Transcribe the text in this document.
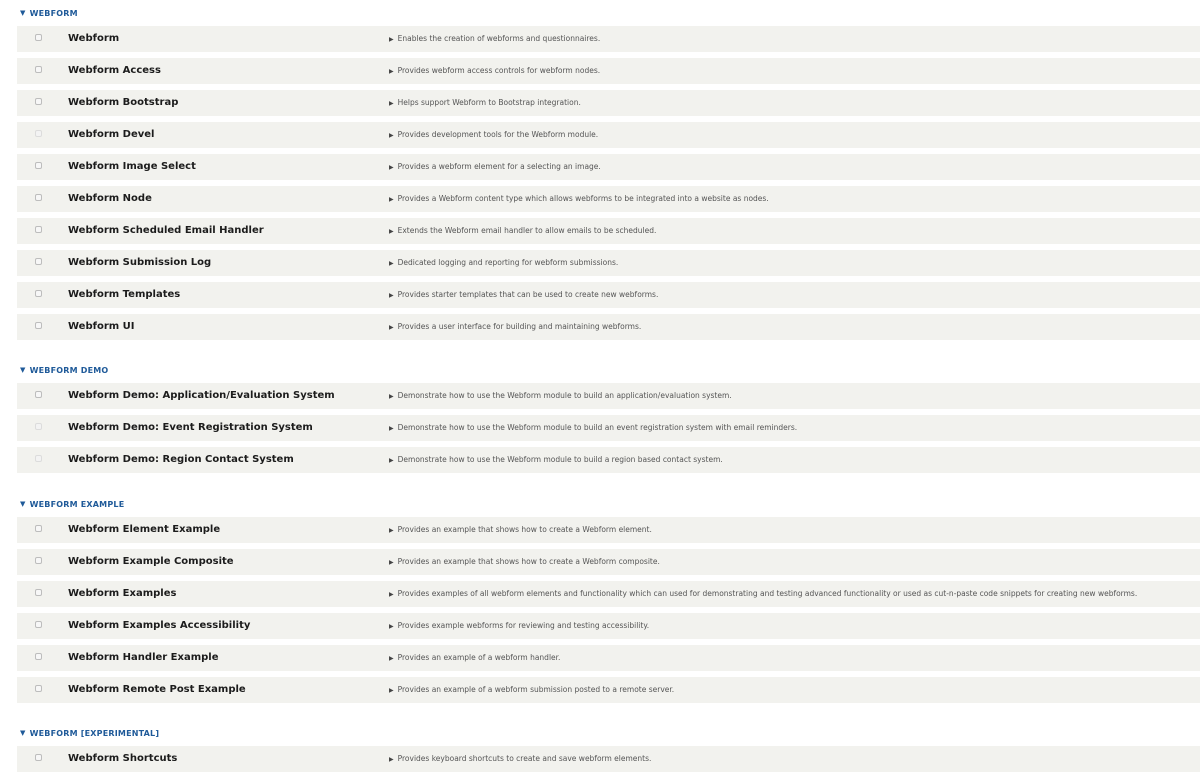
▼ WEBFORM
Webform	▶ Enables the creation of webforms and questionnaires.
Webform Access	▶ Provides webform access controls for webform nodes.
Webform Bootstrap	▶ Helps support Webform to Bootstrap integration.
Webform Devel	▶ Provides development tools for the Webform module.
Webform Image Select	▶ Provides a webform element for a selecting an image.
Webform Node	▶ Provides a Webform content type which allows webforms to be integrated into a website as nodes.
Webform Scheduled Email Handler	▶ Extends the Webform email handler to allow emails to be scheduled.
Webform Submission Log	▶ Dedicated logging and reporting for webform submissions.
Webform Templates	▶ Provides starter templates that can be used to create new webforms.
Webform UI	▶ Provides a user interface for building and maintaining webforms.
▼ WEBFORM DEMO
Webform Demo: Application/Evaluation System	▶ Demonstrate how to use the Webform module to build an application/evaluation system.
Webform Demo: Event Registration System	▶ Demonstrate how to use the Webform module to build an event registration system with email reminders.
Webform Demo: Region Contact System	▶ Demonstrate how to use the Webform module to build a region based contact system.
▼ WEBFORM EXAMPLE
Webform Element Example	▶ Provides an example that shows how to create a Webform element.
Webform Example Composite	▶ Provides an example that shows how to create a Webform composite.
Webform Examples	▶ Provides examples of all webform elements and functionality which can used for demonstrating and testing advanced functionality or used as cut-n-paste code snippets for creating new webforms.
Webform Examples Accessibility	▶ Provides example webforms for reviewing and testing accessibility.
Webform Handler Example	▶ Provides an example of a webform handler.
Webform Remote Post Example	▶ Provides an example of a webform submission posted to a remote server.
▼ WEBFORM [EXPERIMENTAL]
Webform Shortcuts	▶ Provides keyboard shortcuts to create and save webform elements.
